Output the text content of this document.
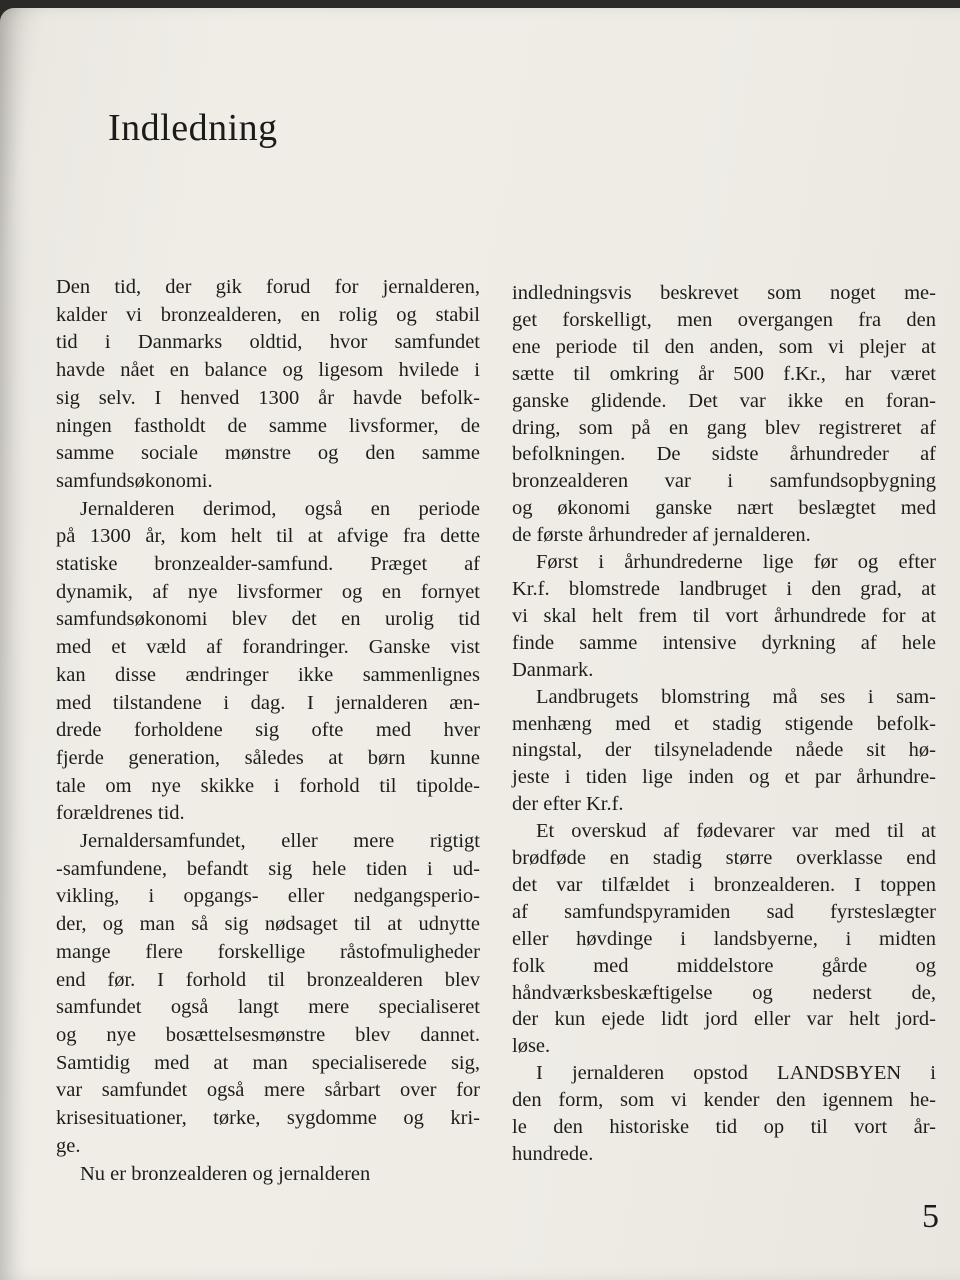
Indledning

Den tid, der gik forud for jernalderen,
kalder vi bronzealderen, en rolig og stabil
tid i Danmarks oldtid, hvor samfundet
havde nået en balance og ligesom hvilede i
sig selv. I henved 1300 år havde befolk-
ningen fastholdt de samme livsformer, de
samme sociale mønstre og den samme
samfundsøkonomi.

Jernalderen derimod, også en periode
på 1300 år, kom helt til at afvige fra dette
statiske bronzealder-samfund. Præget af
dynamik, af nye livsformer og en fornyet
samfundsøkonomi blev det en urolig tid
med et væld af forandringer. Ganske vist
kan disse ændringer ikke sammenlignes
med tilstandene i dag. I jernalderen æn-
drede forholdene sig ofte med hver
fjerde generation, således at børn kunne
tale om nye skikke i forhold til tipolde-
forældrenes tid.

Jernaldersamfundet, eller mere rigtigt
-samfundene, befandt sig hele tiden i ud-
vikling, i opgangs- eller nedgangsperio-
der, og man så sig nødsaget til at udnytte
mange flere forskellige råstofmuligheder
end før. I forhold til bronzealderen blev
samfundet også langt mere specialiseret
og nye bosættelsesmønstre blev dannet.
Samtidig med at man specialiserede sig,
var samfundet også mere sårbart over for
krisesituationer, tørke, sygdomme og kri-
ge.

Nu er bronzealderen og jernalderen

indledningsvis beskrevet som noget me-
get forskelligt, men overgangen fra den
ene periode til den anden, som vi plejer at
sætte til omkring år 500 f.Kr., har været
ganske glidende. Det var ikke en foran-
dring, som på en gang blev registreret af
befolkningen. De sidste århundreder af
bronzealderen var i samfundsopbygning
og økonomi ganske nært beslægtet med
de første århundreder af jernalderen.

Først i århundrederne lige før og efter
Kr.f. blomstrede landbruget i den grad, at
vi skal helt frem til vort århundrede for at
finde samme intensive dyrkning af hele
Danmark.

Landbrugets blomstring må ses i sam-
menhæng med et stadig stigende befolk-
ningstal, der tilsyneladende nåede sit hø-
jeste i tiden lige inden og et par århundre-
der efter Kr.f.

Et overskud af fødevarer var med til at
brødføde en stadig større overklasse end
det var tilfældet i bronzealderen. I toppen
af samfundspyramiden sad fyrsteslægter
eller høvdinge i landsbyerne, i midten
folk med middelstore gårde og
håndværksbeskæftigelse og nederst de,
der kun ejede lidt jord eller var helt jord-
løse.

I jernalderen opstod LANDSBYEN i
den form, som vi kender den igennem he-
le den historiske tid op til vort år-
hundrede.

5
